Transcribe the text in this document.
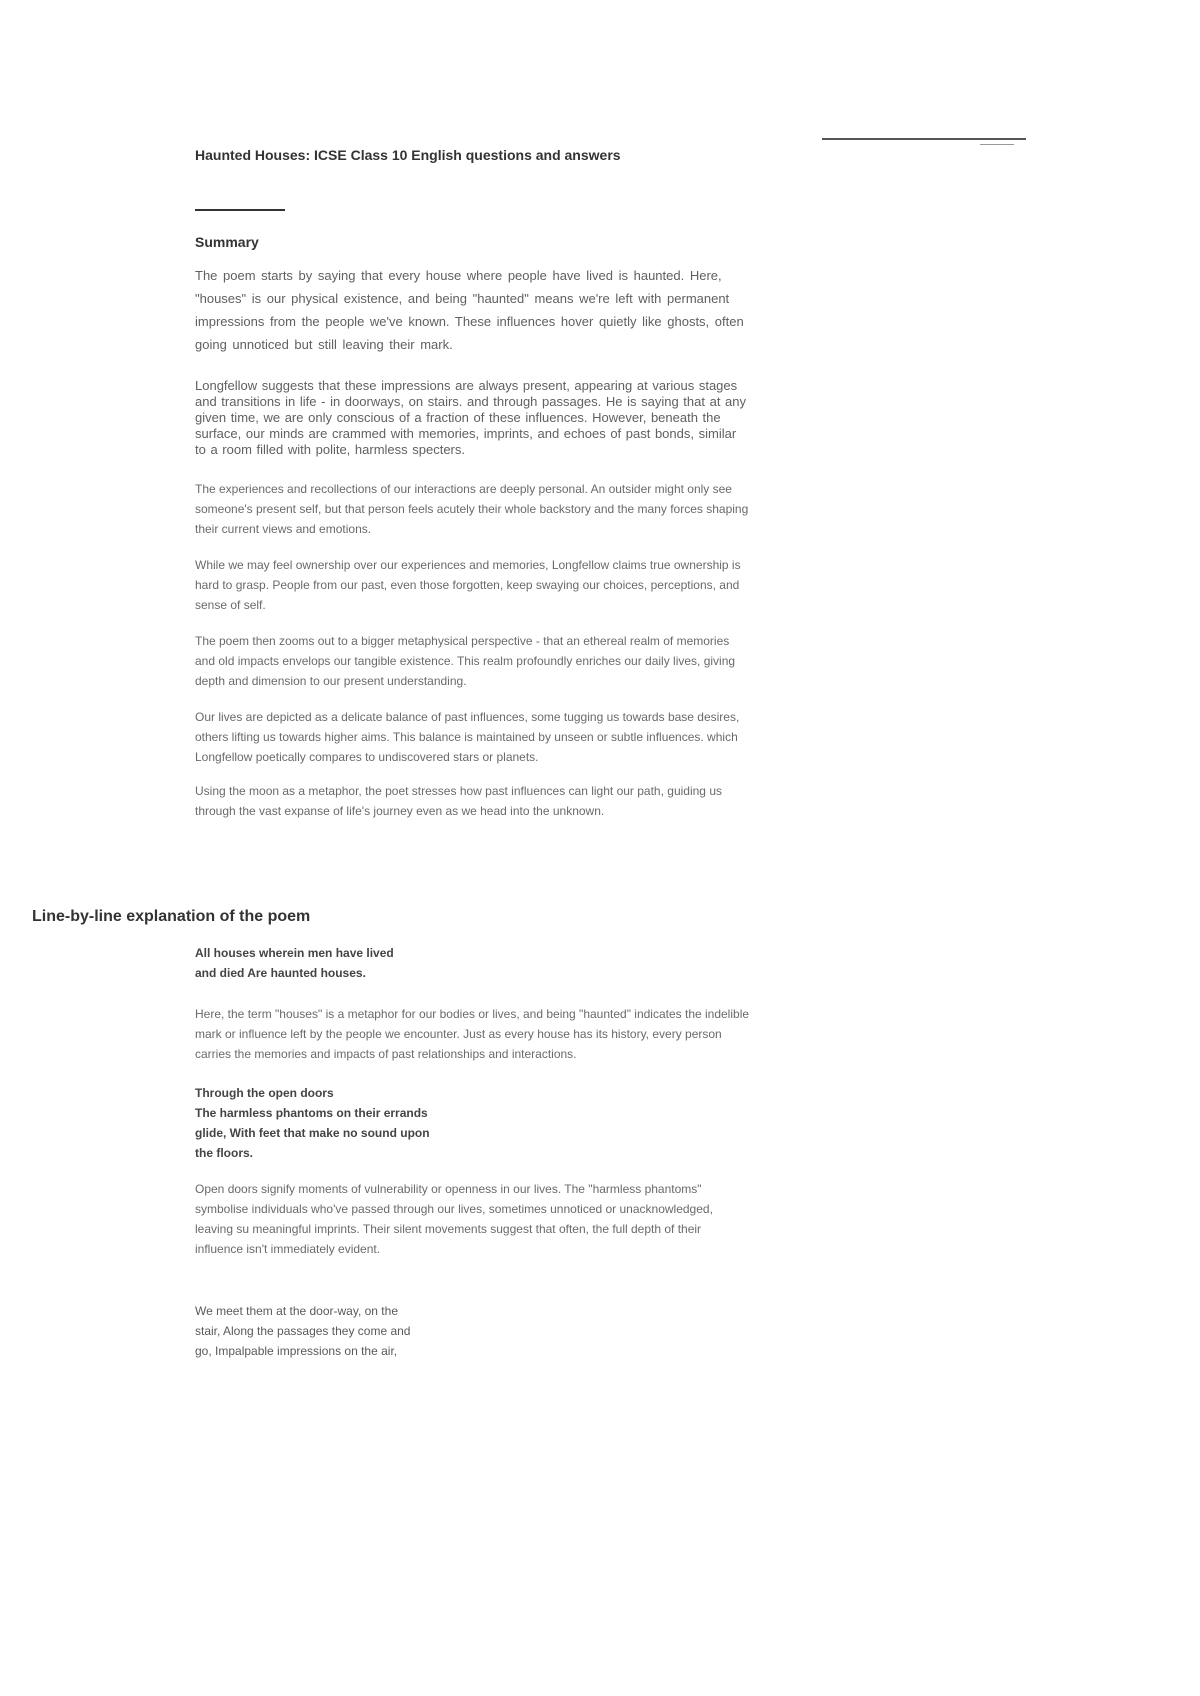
Haunted Houses: ICSE Class 10 English questions and answers
Summary

The poem starts by saying that every house where people have lived is haunted. Here, "houses" is our physical existence, and being "haunted" means we're left with permanent impressions from the people we've known. These influences hover quietly like ghosts, often going unnoticed but still leaving their mark.

Longfellow suggests that these impressions are always present, appearing at various stages and transitions in life - in doorways, on stairs. and through passages. He is saying that at any given time, we are only conscious of a fraction of these influences. However, beneath the surface, our minds are crammed with memories, imprints, and echoes of past bonds, similar to a room filled with polite, harmless specters.

The experiences and recollections of our interactions are deeply personal. An outsider might only see someone's present self, but that person feels acutely their whole backstory and the many forces shaping their current views and emotions.

While we may feel ownership over our experiences and memories, Longfellow claims true ownership is hard to grasp. People from our past, even those forgotten, keep swaying our choices, perceptions, and sense of self.

The poem then zooms out to a bigger metaphysical perspective - that an ethereal realm of memories and old impacts envelops our tangible existence. This realm profoundly enriches our daily lives, giving depth and dimension to our present understanding.

Our lives are depicted as a delicate balance of past influences, some tugging us towards base desires, others lifting us towards higher aims. This balance is maintained by unseen or subtle influences. which Longfellow poetically compares to undiscovered stars or planets.

Using the moon as a metaphor, the poet stresses how past influences can light our path, guiding us through the vast expanse of life's journey even as we head into the unknown.

Line-by-line explanation of the poem

All houses wherein men have lived
and died Are haunted houses.

Here, the term "houses" is a metaphor for our bodies or lives, and being "haunted" indicates the indelible mark or influence left by the people we encounter. Just as every house has its history, every person carries the memories and impacts of past relationships and interactions.

Through the open doors
The harmless phantoms on their errands
glide, With feet that make no sound upon
the floors.

Open doors signify moments of vulnerability or openness in our lives. The "harmless phantoms" symbolise individuals who've passed through our lives, sometimes unnoticed or unacknowledged, leaving su meaningful imprints. Their silent movements suggest that often, the full depth of their influence isn't immediately evident.

We meet them at the door-way, on the
stair, Along the passages they come and
go, Impalpable impressions on the air,
